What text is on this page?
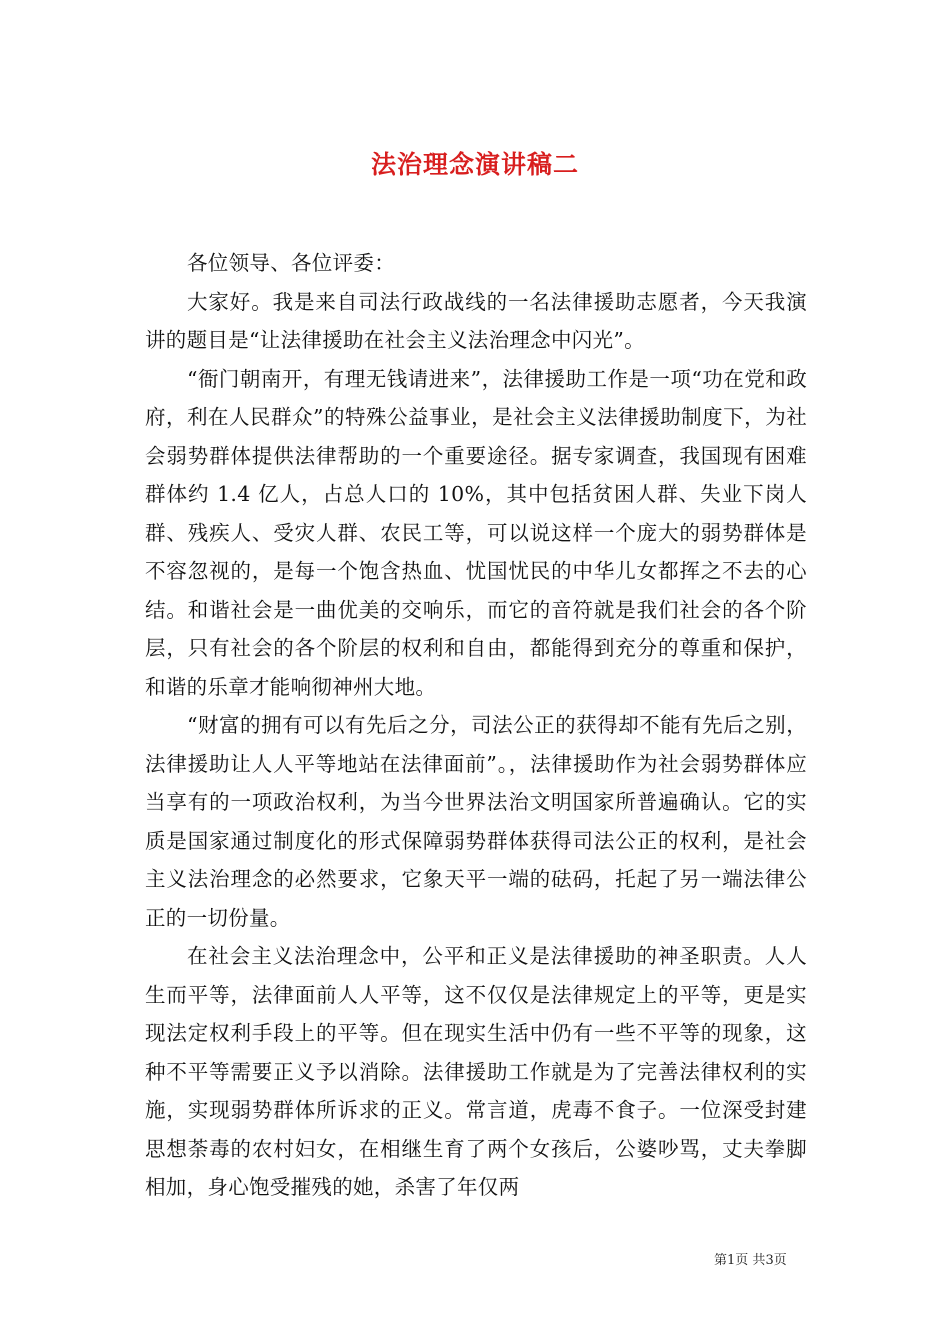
法治理念演讲稿二

各位领导、各位评委：

大家好。我是来自司法行政战线的一名法律援助志愿者，今天我演讲的题目是“让法律援助在社会主义法治理念中闪光”。

“衙门朝南开，有理无钱请进来”，法律援助工作是一项“功在党和政府，利在人民群众”的特殊公益事业，是社会主义法律援助制度下，为社会弱势群体提供法律帮助的一个重要途径。据专家调查，我国现有困难群体约 1.4 亿人，占总人口的 10%，其中包括贫困人群、失业下岗人群、残疾人、受灾人群、农民工等，可以说这样一个庞大的弱势群体是不容忽视的，是每一个饱含热血、忧国忧民的中华儿女都挥之不去的心结。和谐社会是一曲优美的交响乐，而它的音符就是我们社会的各个阶层，只有社会的各个阶层的权利和自由，都能得到充分的尊重和保护，和谐的乐章才能响彻神州大地。

“财富的拥有可以有先后之分，司法公正的获得却不能有先后之别，法律援助让人人平等地站在法律面前”。，法律援助作为社会弱势群体应当享有的一项政治权利，为当今世界法治文明国家所普遍确认。它的实质是国家通过制度化的形式保障弱势群体获得司法公正的权利，是社会主义法治理念的必然要求，它象天平一端的砝码，托起了另一端法律公正的一切份量。

在社会主义法治理念中，公平和正义是法律援助的神圣职责。人人生而平等，法律面前人人平等，这不仅仅是法律规定上的平等，更是实现法定权利手段上的平等。但在现实生活中仍有一些不平等的现象，这种不平等需要正义予以消除。法律援助工作就是为了完善法律权利的实施，实现弱势群体所诉求的正义。常言道，虎毒不食子。一位深受封建思想荼毒的农村妇女，在相继生育了两个女孩后，公婆吵骂，丈夫拳脚相加，身心饱受摧残的她，杀害了年仅两

第1页 共3页
